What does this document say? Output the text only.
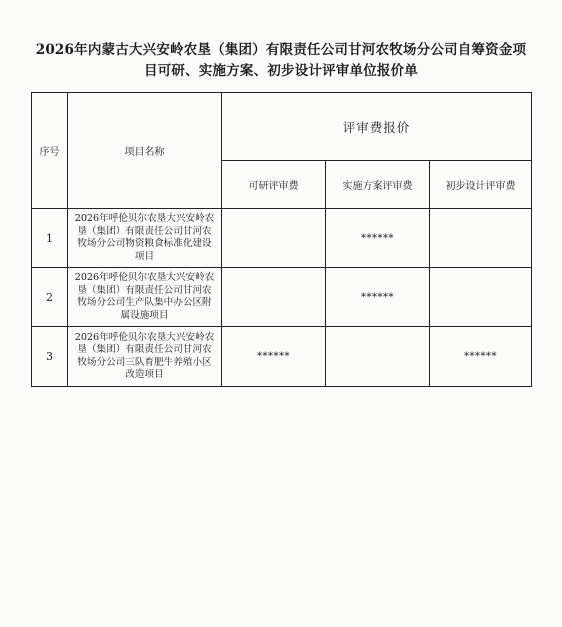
2026年内蒙古大兴安岭农垦（集团）有限责任公司甘河农牧场分公司自筹资金项
目可研、实施方案、初步设计评审单位报价单
序号	项目名称	评审费报价		
		可研评审费	实施方案评审费	初步设计评审费
1	2026年呼伦贝尔农垦大兴安岭农垦（集团）有限责任公司甘河农牧场分公司物资粮食标准化建设项目		******	
2	2026年呼伦贝尔农垦大兴安岭农垦（集团）有限责任公司甘河农牧场分公司生产队集中办公区附属设施项目		******	
3	2026年呼伦贝尔农垦大兴安岭农垦（集团）有限责任公司甘河农牧场分公司三队育肥牛养殖小区改造项目	******		******
